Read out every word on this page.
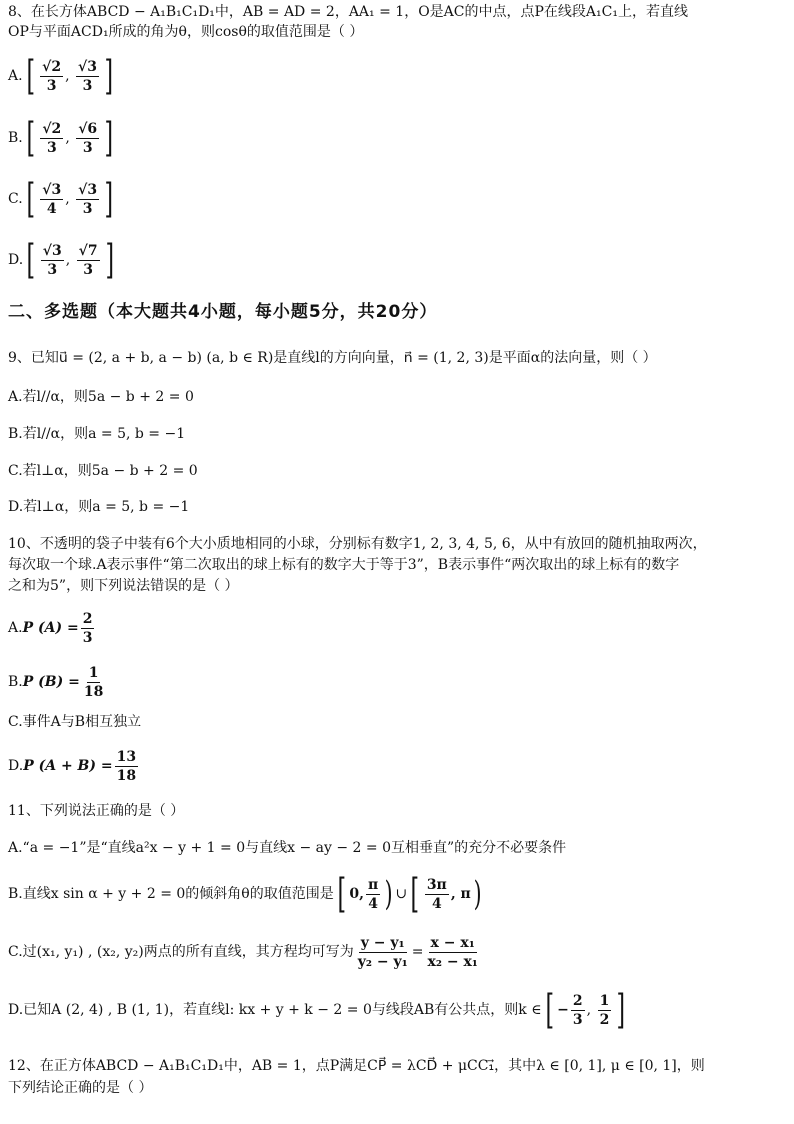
8、在长方体ABCD − A₁B₁C₁D₁中，AB = AD = 2，AA₁ = 1，O是AC的中点，点P在线段A₁C₁上，若直线
OP与平面ACD₁所成的角为θ，则cosθ的取值范围是（ ）
A. [ $\frac{√2}{3}$ , $\frac{√3}{3}$ ]
B. [ $\frac{√2}{3}$ , $\frac{√6}{3}$ ]
C. [ $\frac{√3}{4}$ , $\frac{√3}{3}$ ]
D. [ $\frac{√3}{3}$ , $\frac{√7}{3}$ ]
二、多选题（本大题共4小题，每小题5分，共20分）
9、已知u⃗ = (2, a + b, a − b) (a, b ∈ R)是直线l的方向向量，n⃗ = (1, 2, 3)是平面α的法向量，则（ ）
A.若l//α，则5a − b + 2 = 0
B.若l//α，则a = 5, b = −1
C.若l⊥α，则5a − b + 2 = 0
D.若l⊥α，则a = 5, b = −1
10、不透明的袋子中装有6个大小质地相同的小球，分别标有数字1, 2, 3, 4, 5, 6，从中有放回的随机抽取两次，
每次取一个球.A表示事件“第二次取出的球上标有的数字大于等于3”，B表示事件“两次取出的球上标有的数字
之和为5”，则下列说法错误的是（ ）
A. P $(A) = \frac{2}{3}$
B. P $(B) = \frac{1}{18}$
C. 事件A与B相互独立
D. P $(A + B) = \frac{13}{18}$
11、下列说法正确的是（ ）
A.“a = −1”是“直线a²x − y + 1 = 0与直线x − ay − 2 = 0互相垂直”的充分不必要条件
B.直线x sin α + y + 2 = 0的倾斜角θ的取值范围是 [ 0, $\frac{\pi}{4}$ ) ∪ [ $\frac{3\pi}{4}$ , π )
C.过(x₁, y₁) , (x₂, y₂)两点的所有直线，其方程均可写为 $\frac{\text{y − y₁}}{\text{y₂ − y₁}} = \frac{\text{x − x₁}}{\text{x₂ − x₁}}$
D.已知A (2, 4) , B (1, 1)，若直线l: kx + y + k − 2 = 0与线段AB有公共点，则k ∈ [ − $\frac{2}{3}$ , $\frac{1}{2}$ ]
12、在正方体ABCD − A₁B₁C₁D₁中，AB = 1，点P满足CP⃗ = λCD⃗ + μCC₁⃗，其中λ ∈ [0, 1], μ ∈ [0, 1]，则
下列结论正确的是（ ）
